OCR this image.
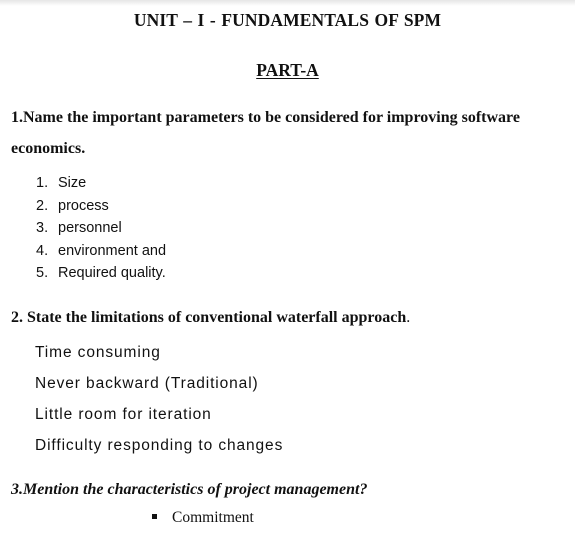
UNIT – I - FUNDAMENTALS OF SPM
PART-A
1.Name the important parameters to be considered for improving software economics.
1. Size
2. process
3. personnel
4. environment and
5. Required quality.
2. State the limitations of conventional waterfall approach.
Time consuming
Never backward (Traditional)
Little room for iteration
Difficulty responding to changes
3.Mention the characteristics of project management?
Commitment
